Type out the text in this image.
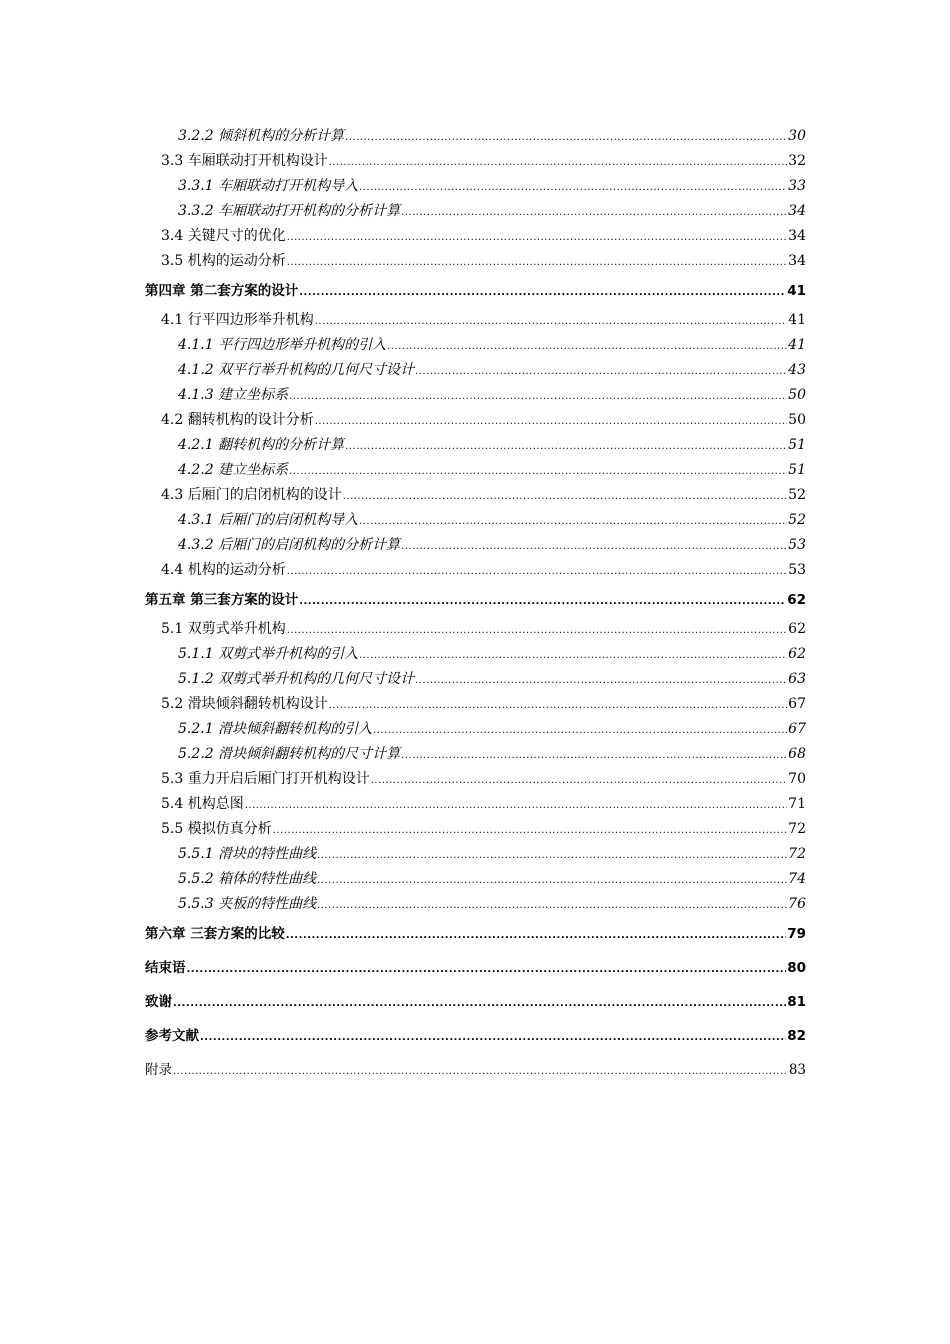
3.2.2 倾斜机构的分析计算 .....	30
3.3 车厢联动打开机构设计 .....	32
3.3.1 车厢联动打开机构导入 .....	33
3.3.2 车厢联动打开机构的分析计算 .....	34
3.4 关键尺寸的优化 .....	34
3.5 机构的运动分析 .....	34
第四章 第二套方案的设计 .....	41
4.1 行平四边形举升机构 .....	41
4.1.1 平行四边形举升机构的引入 .....	41
4.1.2 双平行举升机构的几何尺寸设计 .....	43
4.1.3 建立坐标系 .....	50
4.2 翻转机构的设计分析 .....	50
4.2.1 翻转机构的分析计算 .....	51
4.2.2 建立坐标系 .....	51
4.3 后厢门的启闭机构的设计 .....	52
4.3.1 后厢门的启闭机构导入 .....	52
4.3.2 后厢门的启闭机构的分析计算 .....	53
4.4 机构的运动分析 .....	53
第五章 第三套方案的设计 .....	62
5.1 双剪式举升机构 .....	62
5.1.1 双剪式举升机构的引入 .....	62
5.1.2 双剪式举升机构的几何尺寸设计 .....	63
5.2 滑块倾斜翻转机构设计 .....	67
5.2.1 滑块倾斜翻转机构的引入 .....	67
5.2.2 滑块倾斜翻转机构的尺寸计算 .....	68
5.3 重力开启后厢门打开机构设计 .....	70
5.4 机构总图 .....	71
5.5 模拟仿真分析 .....	72
5.5.1 滑块的特性曲线 .....	72
5.5.2 箱体的特性曲线 .....	74
5.5.3 夹板的特性曲线 .....	76
第六章 三套方案的比较 .....	79
结束语 .....	80
致谢 .....	81
参考文献 .....	82
附录 .....	83
